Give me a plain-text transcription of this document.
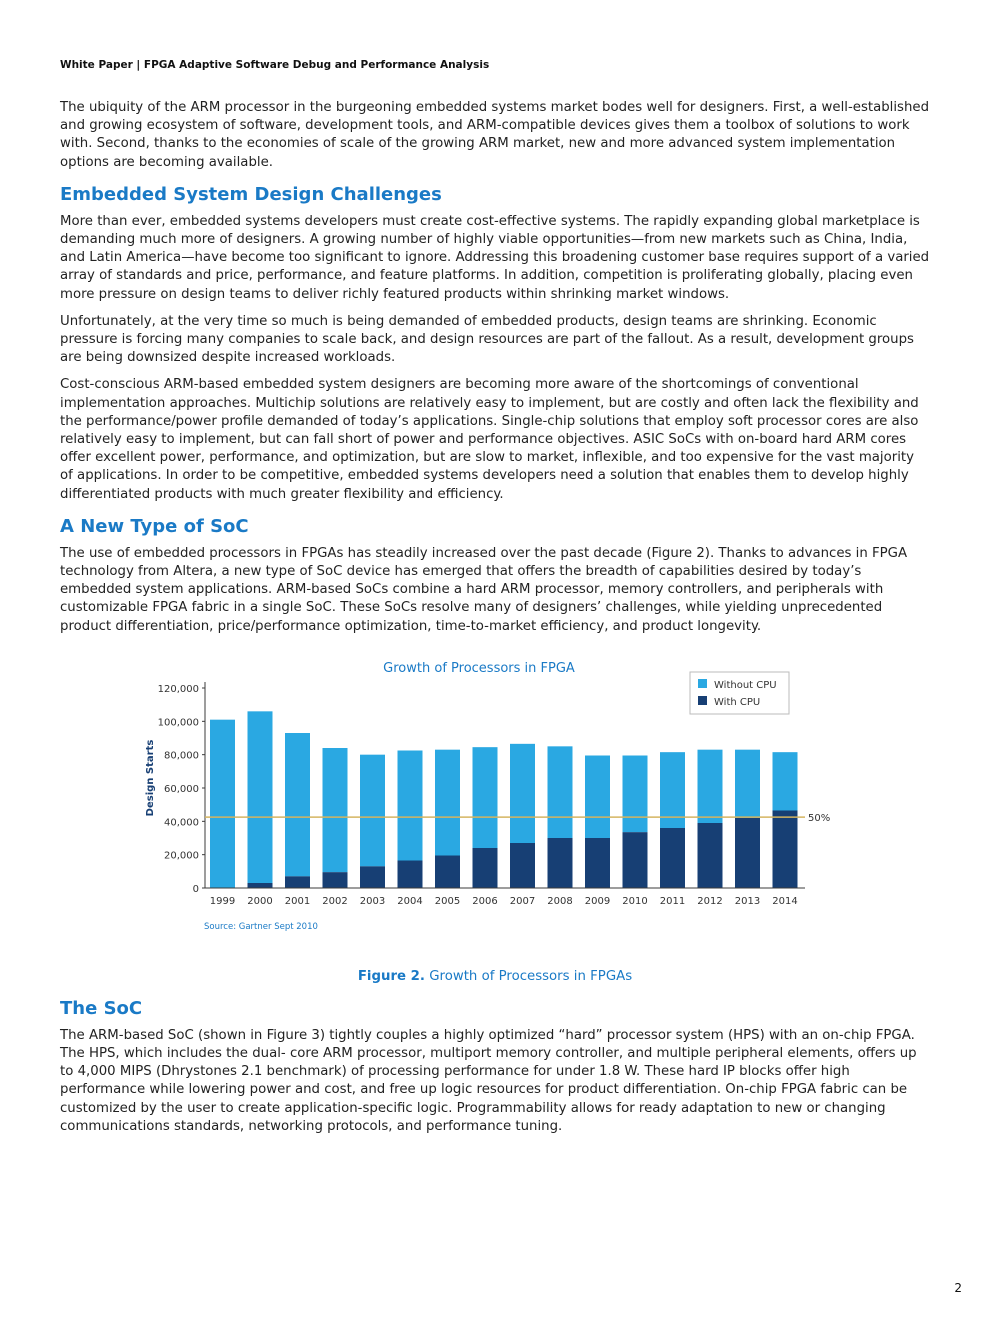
White Paper | FPGA Adaptive Software Debug and Performance Analysis

The ubiquity of the ARM processor in the burgeoning embedded systems market bodes well for designers. First, a well-established and growing ecosystem of software, development tools, and ARM-compatible devices gives them a toolbox of solutions to work with. Second, thanks to the economies of scale of the growing ARM market, new and more advanced system implementation options are becoming available.

Embedded System Design Challenges

More than ever, embedded systems developers must create cost-effective systems. The rapidly expanding global marketplace is demanding much more of designers. A growing number of highly viable opportunities—from new markets such as China, India, and Latin America—have become too significant to ignore. Addressing this broadening customer base requires support of a varied array of standards and price, performance, and feature platforms. In addition, competition is proliferating globally, placing even more pressure on design teams to deliver richly featured products within shrinking market windows.

Unfortunately, at the very time so much is being demanded of embedded products, design teams are shrinking. Economic pressure is forcing many companies to scale back, and design resources are part of the fallout. As a result, development groups are being downsized despite increased workloads.

Cost-conscious ARM-based embedded system designers are becoming more aware of the shortcomings of conventional implementation approaches. Multichip solutions are relatively easy to implement, but are costly and often lack the flexibility and the performance/power profile demanded of today’s applications. Single-chip solutions that employ soft processor cores are also relatively easy to implement, but can fall short of power and performance objectives. ASIC SoCs with on-board hard ARM cores offer excellent power, performance, and optimization, but are slow to market, inflexible, and too expensive for the vast majority of applications. In order to be competitive, embedded systems developers need a solution that enables them to develop highly differentiated products with much greater flexibility and efficiency.

A New Type of SoC

The use of embedded processors in FPGAs has steadily increased over the past decade (Figure 2). Thanks to advances in FPGA technology from Altera, a new type of SoC device has emerged that offers the breadth of capabilities desired by today’s embedded system applications. ARM-based SoCs combine a hard ARM processor, memory controllers, and peripherals with customizable FPGA fabric in a single SoC. These SoCs resolve many of designers’ challenges, while yielding unprecedented product differentiation, price/performance optimization, time-to-market efficiency, and product longevity.

Growth of Processors in FPGA
0
20,000
40,000
60,000
80,000
100,000
120,000
Design Starts
1999 2000 2001 2002 2003 2004 2005 2006 2007 2008 2009 2010 2011 2012 2013 2014
50%
Without CPU
With CPU
Source: Gartner Sept 2010
Figure 2. Growth of Processors in FPGAs
The SoC

The ARM-based SoC (shown in Figure 3) tightly couples a highly optimized “hard” processor system (HPS) with an on-chip FPGA. The HPS, which includes the dual- core ARM processor, multiport memory controller, and multiple peripheral elements, offers up to 4,000 MIPS (Dhrystones 2.1 benchmark) of processing performance for under 1.8 W. These hard IP blocks offer high performance while lowering power and cost, and free up logic resources for product differentiation. On-chip FPGA fabric can be customized by the user to create application-specific logic. Programmability allows for ready adaptation to new or changing communications standards, networking protocols, and performance tuning.

2
